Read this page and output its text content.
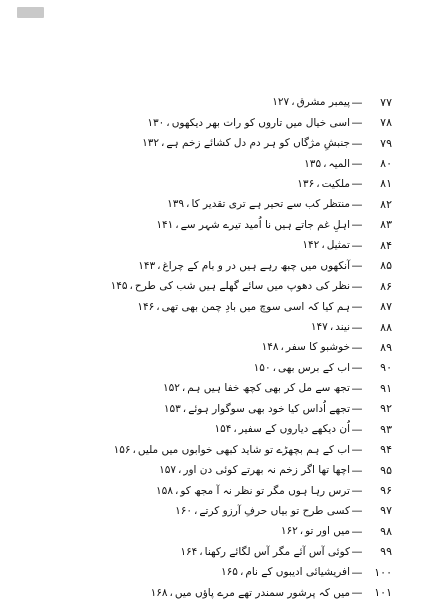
۷۷
—
پیمبر مشرق
،
۱۲۷
۷۸
—
اسی خیال میں تاروں کو رات بھر دیکھوں
،
۱۳۰
۷۹
—
جنبشِ مژگاں کو ہر دم دل کشائے زخم ہے
،
۱۳۲
۸۰
—
المیہ
،
۱۳۵
۸۱
—
ملکیت
،
۱۳۶
۸۲
—
منتظر کب سے تحیر ہے تری تقدیر کا
،
۱۳۹
۸۳
—
اہلِ غم جاتے ہیں نا اُمید تیرے شہر سے
،
۱۴۱
۸۴
—
تمثیل
،
۱۴۲
۸۵
—
آنکھوں میں چبھ رہے ہیں در و بام کے چراغ
،
۱۴۳
۸۶
—
نظر کی دھوپ میں سائے گھلے ہیں شب کی طرح
،
۱۴۵
۸۷
—
ہم کیا کہ اسی سوچ میں بادِ چمن بھی تھی
،
۱۴۶
۸۸
—
نیند
،
۱۴۷
۸۹
—
خوشبو کا سفر
،
۱۴۸
۹۰
—
اب کے برس بھی
،
۱۵۰
۹۱
—
تجھ سے مل کر بھی کچھ خفا ہیں ہم
،
۱۵۲
۹۲
—
تجھے اُداس کیا خود بھی سوگوار ہوئے
،
۱۵۳
۹۳
—
اُن دیکھے دیاروں کے سفیر
،
۱۵۴
۹۴
—
اب کے ہم بچھڑے تو شاید کبھی خوابوں میں ملیں
،
۱۵۶
۹۵
—
اچھا تھا اگر زخم نہ بھرتے کوئی دن اور
،
۱۵۷
۹۶
—
ترس رہا ہوں مگر تو نظر نہ آ مجھ کو
،
۱۵۸
۹۷
—
کسی طرح تو بیاں حرفِ آرزو کرتے
،
۱۶۰
۹۸
—
میں اور تو
،
۱۶۲
۹۹
—
کوئی آس آئے مگر آس لگائے رکھنا
،
۱۶۴
۱۰۰
—
افریشیائی ادیبوں کے نام
،
۱۶۵
۱۰۱
—
میں کہ پرشور سمندر تھے مرے پاؤں میں
،
۱۶۸
